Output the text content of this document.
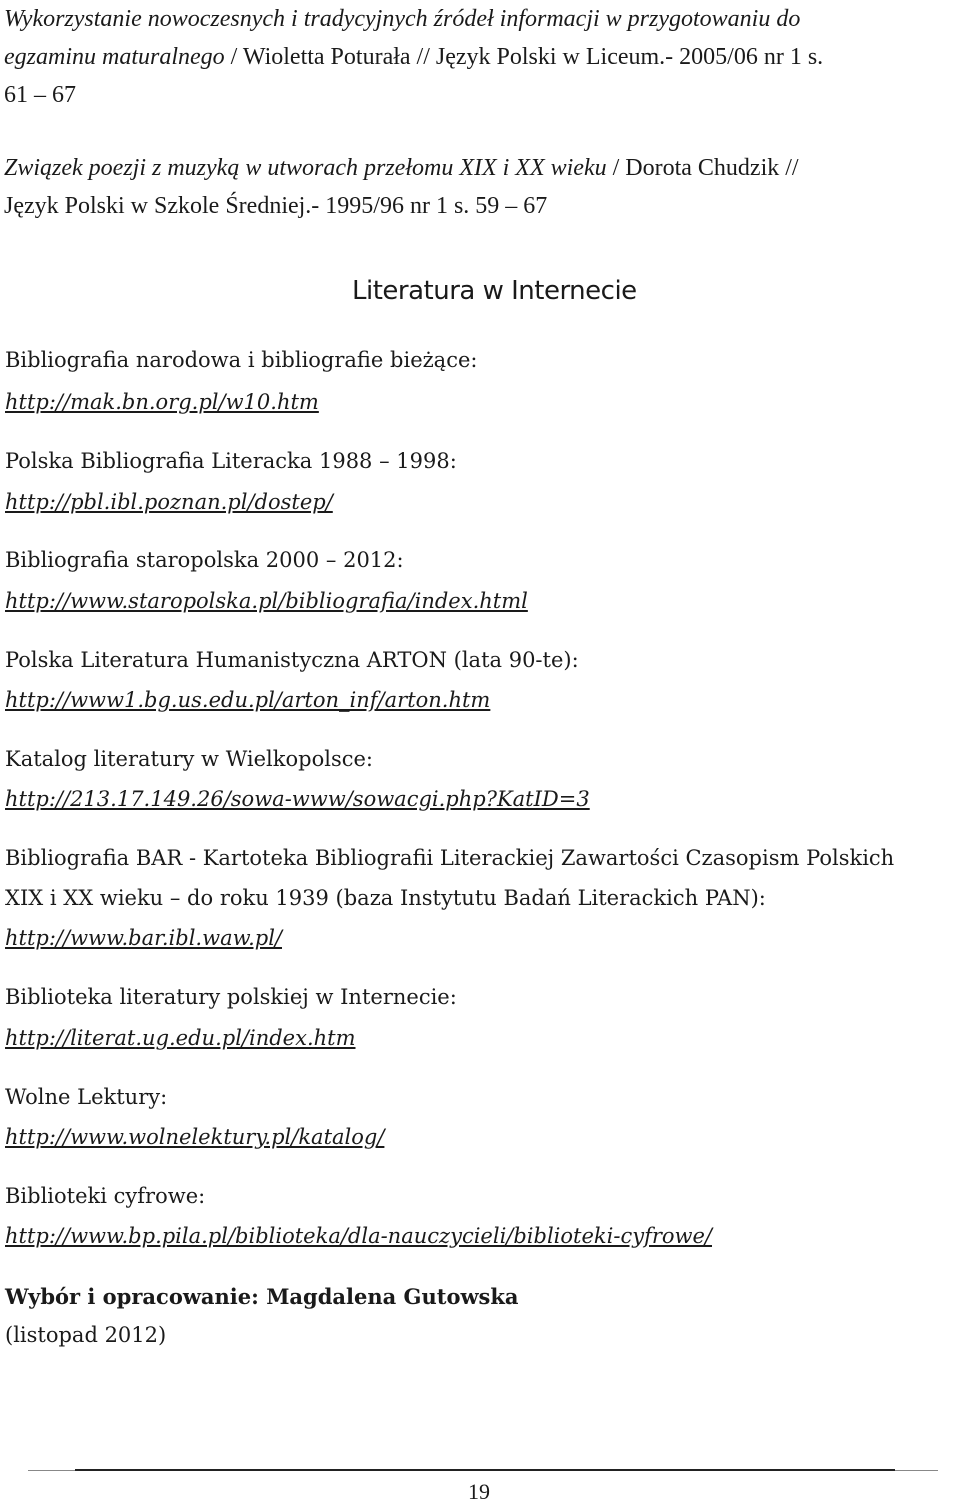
Wykorzystanie nowoczesnych i tradycyjnych źródeł informacji w przygotowaniu do
egzaminu maturalnego / Wioletta Poturała // Język Polski w Liceum.- 2005/06 nr 1 s.
61 – 67
Związek poezji z muzyką w utworach przełomu XIX i XX wieku / Dorota Chudzik //
Język Polski w Szkole Średniej.- 1995/96 nr 1 s. 59 – 67
Literatura w Internecie
Bibliografia narodowa i bibliografie bieżące:
http://mak.bn.org.pl/w10.htm
Polska Bibliografia Literacka 1988 – 1998:
http://pbl.ibl.poznan.pl/dostep/
Bibliografia staropolska 2000 – 2012:
http://www.staropolska.pl/bibliografia/index.html
Polska Literatura Humanistyczna ARTON (lata 90-te):
http://www1.bg.us.edu.pl/arton_inf/arton.htm
Katalog literatury w Wielkopolsce:
http://213.17.149.26/sowa-www/sowacgi.php?KatID=3
Bibliografia BAR - Kartoteka Bibliografii Literackiej Zawartości Czasopism Polskich
XIX i XX wieku – do roku 1939 (baza Instytutu Badań Literackich PAN):
http://www.bar.ibl.waw.pl/
Biblioteka literatury polskiej w Internecie:
http://literat.ug.edu.pl/index.htm
Wolne Lektury:
http://www.wolnelektury.pl/katalog/
Biblioteki cyfrowe:
http://www.bp.pila.pl/biblioteka/dla-nauczycieli/biblioteki-cyfrowe/
Wybór i opracowanie: Magdalena Gutowska
(listopad 2012)
19
